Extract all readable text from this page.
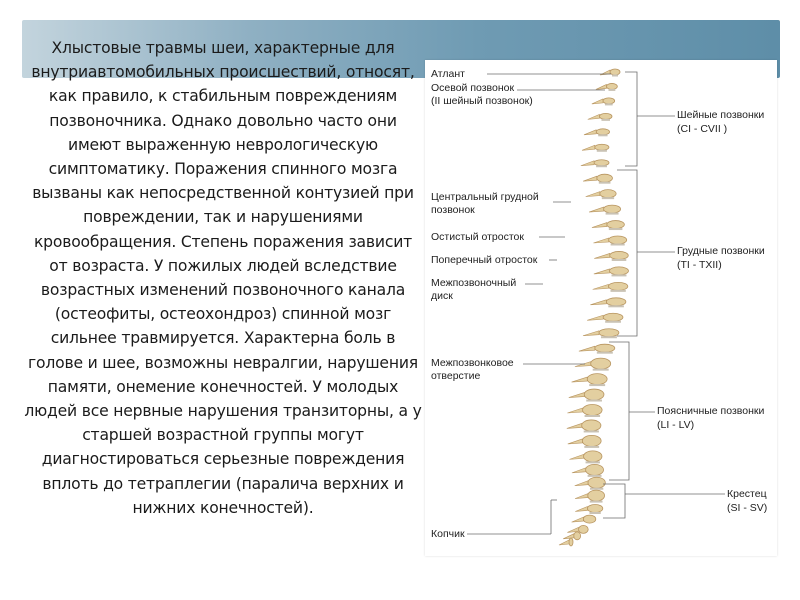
Хлыстовые травмы шеи, характерные для внутриавтомобильных происшествий, относят, как правило, к стабильным повреждениям позвоночника. Однако довольно часто они имеют выраженную неврологическую симптоматику. Поражения спинного мозга вызваны как непосредственной контузией при повреждении, так и нарушениями кровообращения. Степень поражения зависит от возраста. У пожилых людей вследствие возрастных изменений позвоночного канала (остеофиты, остеохондроз) спинной мозг сильнее травмируется. Характерна боль в голове и шее, возможны невралгии, нарушения памяти, онемение конечностей. У молодых людей все нервные нарушения транзиторны, а у старшей возрастной группы могут диагностироваться серьезные повреждения вплоть до тетраплегии (паралича верхних и нижних конечностей).
Атлант
Осевой позвонок
(II шейный позвонок)
Центральный грудной
позвонок
Остистый отросток
Поперечный отросток
Межпозвоночный
диск
Межпозвонковое
отверстие
Копчик
Шейные позвонки
(CI - CVII )
Грудные позвонки
(TI - TXII)
Поясничные позвонки
(LI - LV)
Крестец
(SI - SV)
